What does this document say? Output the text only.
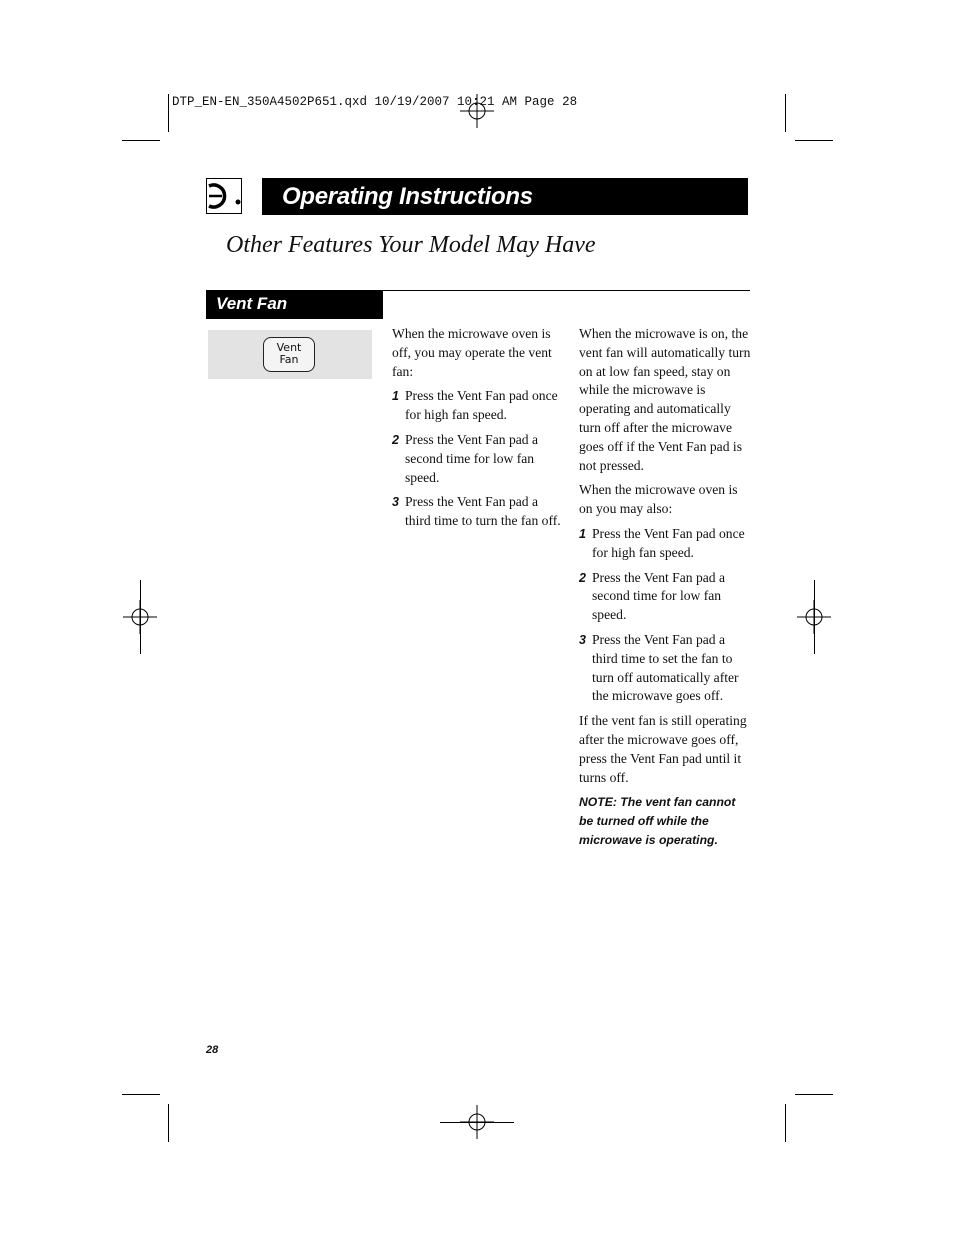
DTP_EN-EN_350A4502P651.qxd 10/19/2007 10:21 AM Page 28
Operating Instructions
Other Features Your Model May Have
Vent Fan
Vent
Fan

When the microwave oven is off, you may operate the vent fan:

1 Press the Vent Fan pad once for high fan speed.
2 Press the Vent Fan pad a second time for low fan speed.
3 Press the Vent Fan pad a third time to turn the fan off.

When the microwave is on, the vent fan will automatically turn on at low fan speed, stay on while the microwave is operating and automatically turn off after the microwave goes off if the Vent Fan pad is not pressed.

When the microwave oven is on you may also:

1 Press the Vent Fan pad once for high fan speed.
2 Press the Vent Fan pad a second time for low fan speed.
3 Press the Vent Fan pad a third time to set the fan to turn off automatically after the microwave goes off.

If the vent fan is still operating after the microwave goes off, press the Vent Fan pad until it turns off.

NOTE: The vent fan cannot be turned off while the microwave is operating.
28
